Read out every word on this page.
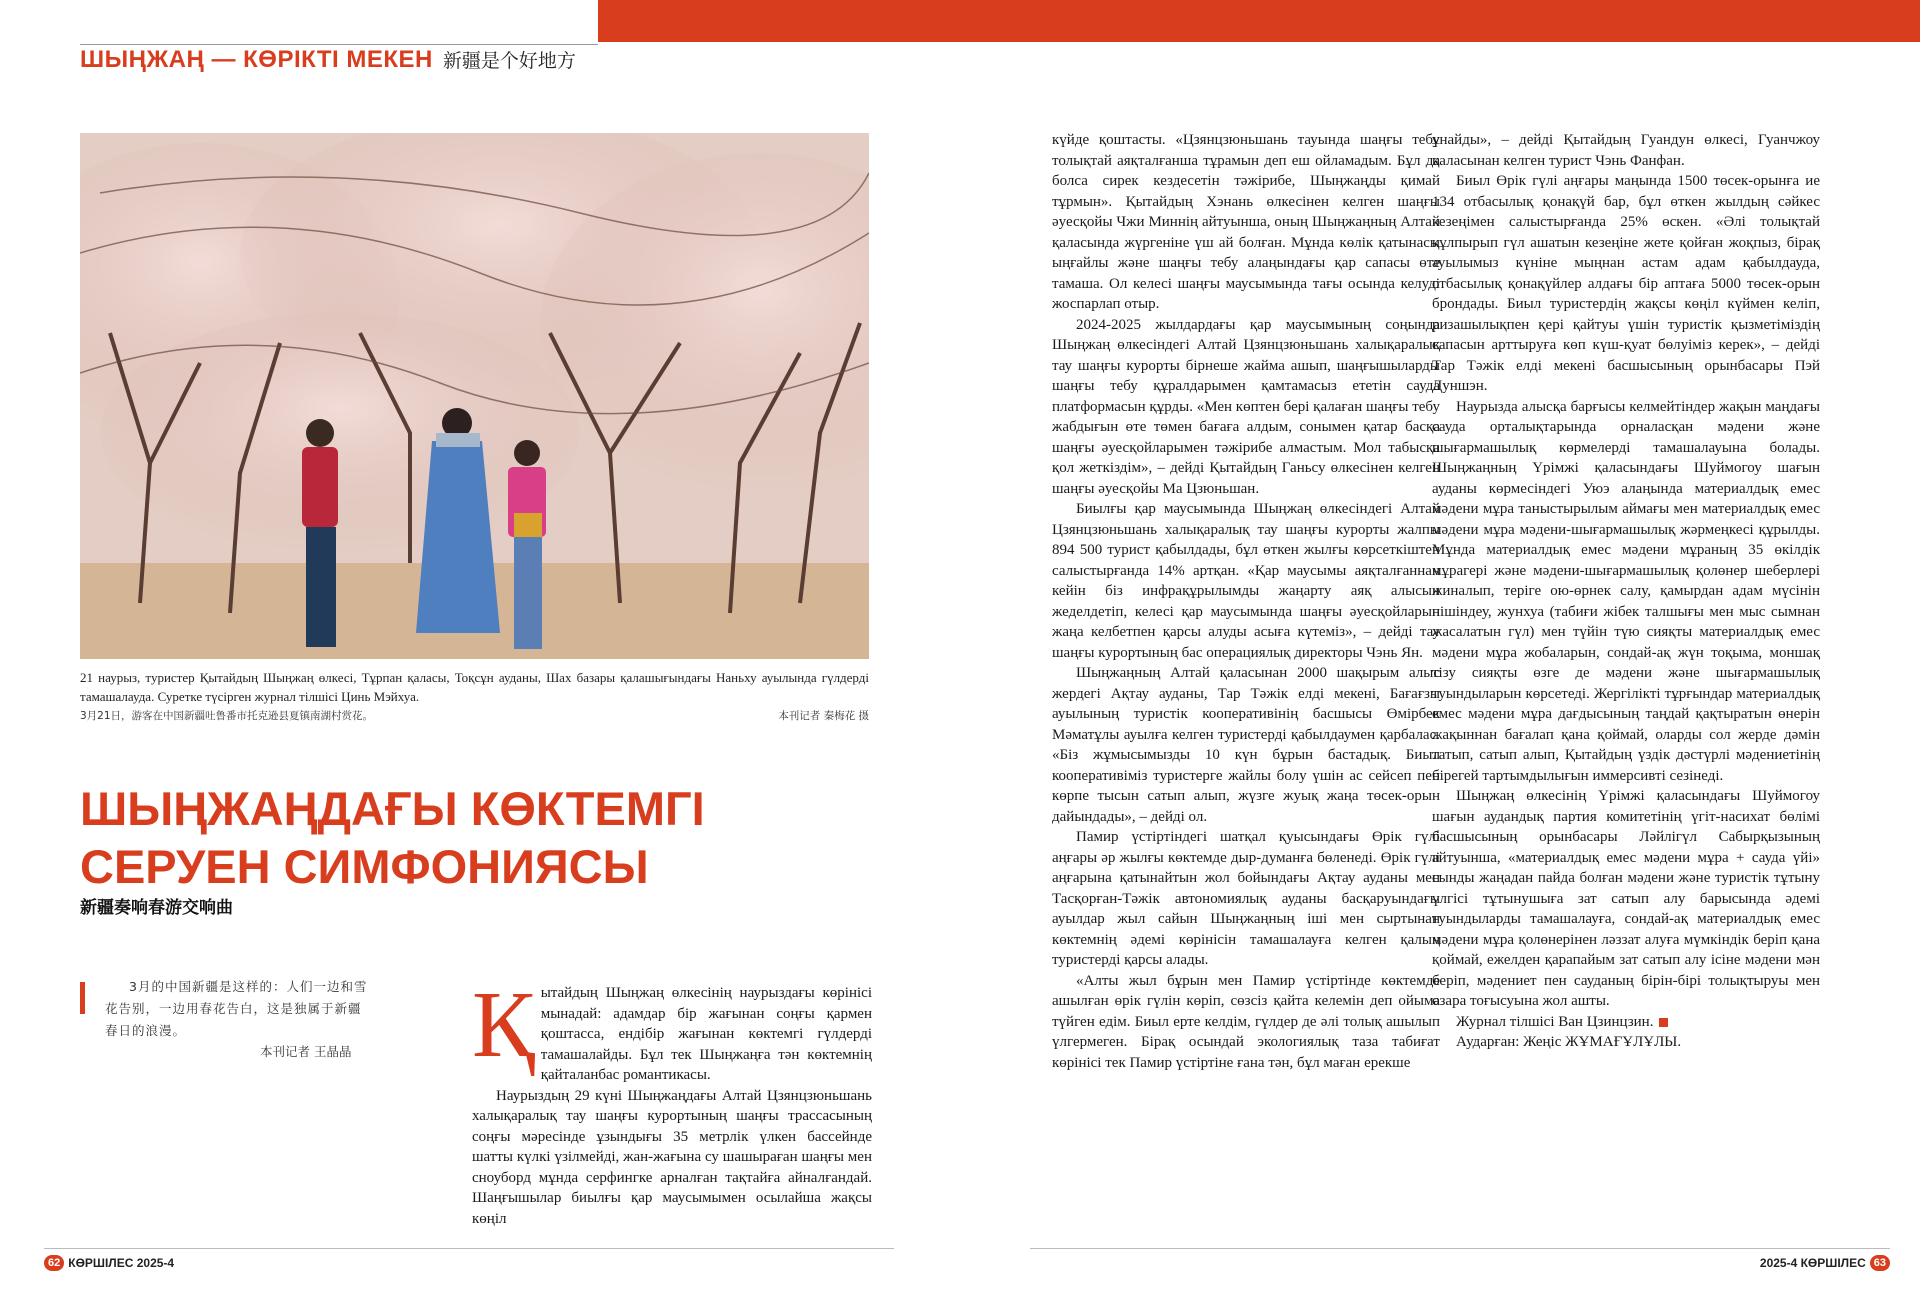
ШЫҢЖАҢ — КӨРІКТІ МЕКЕН 新疆是个好地方
21 наурыз, туристер Қытайдың Шыңжаң өлкесі, Тұрпан қаласы, Тоқсұн ауданы, Шах базары қалашығындағы Наньху ауылында гүлдерді тамашалауда. Суретке түсірген журнал тілшісі Цинь Мэйхуа.
3月21日，游客在中国新疆吐鲁番市托克逊县夏镇南湖村赏花。	本刊记者 秦梅花 摄
ШЫҢЖАҢДАҒЫ КӨКТЕМГІ СЕРУЕН СИМФОНИЯСЫ
新疆奏响春游交响曲
3月的中国新疆是这样的：人们一边和雪花告别，一边用春花告白，这是独属于新疆春日的浪漫。
本刊记者 王晶晶 Қ ытайдың Шыңжаң өлкесінің наурыздағы көрінісі мынадай: адамдар бір жағынан соңғы қармен қоштасса, ендібір жағынан көктемгі гүлдерді тамашалайды. Бұл тек Шыңжаңға тән көктемнің қайталанбас романтикасы.

Наурыздың 29 күні Шыңжаңдағы Алтай Цзянцзюньшань халықаралық тау шаңғы курортының шаңғы трассасының соңғы мәресінде ұзындығы 35 метрлік үлкен бассейнде шатты күлкі үзілмейді, жан-жағына су шашыраған шаңғы мен сноуборд мұнда серфингке арналған тақтайға айналғандай. Шаңғышылар биылғы қар маусымымен осылайша жақсы көңіл

күйде қоштасты. «Цзянцзюньшань тауында шаңғы тебу толықтай аяқталғанша тұрамын деп еш ойламадым. Бұл да болса сирек кездесетін тәжірибе, Шыңжаңды қимай тұрмын». Қытайдың Хэнань өлкесінен келген шаңғы әуесқойы Чжи Миннің айтуынша, оның Шыңжаңның Алтай қаласында жүргеніне үш ай болған. Мұнда көлік қатынасы ыңғайлы және шаңғы тебу алаңындағы қар сапасы өте тамаша. Ол келесі шаңғы маусымында тағы осында келуді жоспарлап отыр.

2024-2025 жылдардағы қар маусымының соңында Шыңжаң өлкесіндегі Алтай Цзянцзюньшань халықаралық тау шаңғы курорты бірнеше жайма ашып, шаңғышыларды шаңғы тебу құралдарымен қамтамасыз ететін сауда платформасын құрды. «Мен көптен бері қалаған шаңғы тебу жабдығын өте төмен бағаға алдым, сонымен қатар басқа шаңғы әуесқойларымен тәжірибе алмастым. Мол табысқа қол жеткіздім», – дейді Қытайдың Ганьсу өлкесінен келген шаңғы әуесқойы Ма Цзюньшан.

Биылғы қар маусымында Шыңжаң өлкесіндегі Алтай Цзянцзюньшань халықаралық тау шаңғы курорты жалпы 894 500 турист қабылдады, бұл өткен жылғы көрсеткіштен салыстырғанда 14% артқан. «Қар маусымы аяқталғаннан кейін біз инфрақұрылымды жаңарту аяқ алысын жеделдетіп, келесі қар маусымында шаңғы әуесқойларын жаңа келбетпен қарсы алуды асыға күтеміз», – дейді тау шаңғы курортының бас операциялық директоры Чэнь Ян.

Шыңжаңның Алтай қаласынан 2000 шақырым алыс жердегі Ақтау ауданы, Тар Тәжік елді мекені, Бағағзы ауылының туристік кооперативінің басшысы Өмірбек Мәматұлы ауылға келген туристерді қабылдаумен қарбалас. «Біз жұмысымызды 10 күн бұрын бастадық. Биыл кооперативіміз туристерге жайлы болу үшін ас сейсеп пен көрпе тысын сатып алып, жүзге жуық жаңа төсек-орын дайындады», – дейді ол.

Памир үстіртіндегі шатқал қуысындағы Өрік гүлі аңғары әр жылғы көктемде дыр-думанға бөленеді. Өрік гүлі аңғарына қатынайтын жол бойындағы Ақтау ауданы мен Тасқорған-Тәжік автономиялық ауданы басқаруындағы ауылдар жыл сайын Шыңжаңның іші мен сыртынан көктемнің әдемі көрінісін тамашалауға келген қалың туристерді қарсы алады.

«Алты жыл бұрын мен Памир үстіртінде көктемде ашылған өрік гүлін көріп, сөзсіз қайта келемін деп ойыма түйген едім. Биыл ерте келдім, гүлдер де әлі толық ашылып үлгермеген. Бірақ осындай экологиялық таза табиғат көрінісі тек Памир үстіртіне ғана тән, бұл маған ерекше

ұнайды», – дейді Қытайдың Гуандун өлкесі, Гуанчжоу қаласынан келген турист Чэнь Фанфан.

Биыл Өрік гүлі аңғары маңында 1500 төсек-орынға ие 134 отбасылық қонақүй бар, бұл өткен жылдың сәйкес кезеңімен салыстырғанда 25% өскен. «Әлі толықтай құлпырып гүл ашатын кезеңіне жете қойған жоқпыз, бірақ ауылымыз күніне мыңнан астам адам қабылдауда, отбасылық қонақүйлер алдағы бір аптаға 5000 төсек-орын брондады. Биыл туристердің жақсы көңіл күймен келіп, ризашылықпен қері қайтуы үшін туристік қызметіміздің сапасын арттыруға көп күш-қуат бөлуіміз керек», – дейді Тар Тәжік елді мекені басшысының орынбасары Пэй Дуншэн.

Наурызда алысқа барғысы келмейтіндер жақын маңдағы сауда орталықтарында орналасқан мәдени және шығармашылық көрмелерді тамашалауына болады. Шыңжаңның Үрімжі қаласындағы Шуймогоу шағын ауданы көрмесіндегі Уюэ алаңында материалдық емес мәдени мұра таныстырылым аймағы мен материалдық емес мәдени мұра мәдени-шығармашылық жәрмеңкесі құрылды. Мұнда материалдық емес мәдени мұраның 35 өкілдік мұрагері және мәдени-шығармашылық қолөнер шеберлері жиналып, теріге ою-өрнек салу, қамырдан адам мүсінін пішіндеу, жунхуа (табиғи жібек талшығы мен мыс сымнан жасалатын гүл) мен түйін түю сияқты материалдық емес мәдени мұра жобаларын, сондай-ақ жүн тоқыма, моншақ тізу сияқты өзге де мәдени және шығармашылық туындыларын көрсетеді. Жергілікті тұрғындар материалдық емес мәдени мұра дағдысының таңдай қақтыратын өнерін жақыннан бағалап қана қоймай, оларды сол жерде дәмін татып, сатып алып, Қытайдың үздік дәстүрлі мәдениетінің бірегей тартымдылығын иммерсивті сезінеді.

Шыңжаң өлкесінің Үрімжі қаласындағы Шуймогоу шағын аудандық партия комитетінің үгіт-насихат бөлімі басшысының орынбасары Ләйлігүл Сабырқызының айтуынша, «материалдық емес мәдени мұра + сауда үйі» сынды жаңадан пайда болған мәдени және туристік тұтыну үлгісі тұтынушыға зат сатып алу барысында әдемі туындыларды тамашалауға, сондай-ақ материалдық емес мәдени мұра қолөнерінен ләззат алуға мүмкіндік беріп қана қоймай, ежелден қарапайым зат сатып алу ісіне мәдени мән беріп, мәдениет пен сауданың бірін-бірі толықтыруы мен өзара тоғысуына жол ашты.

Журнал тілшісі Ван Цзинцзин.

Аударған: Жеңіс ЖҰМАҒҰЛҰЛЫ.

62 КӨРШІЛЕС 2025-4	2025-4 КӨРШІЛЕС 63
